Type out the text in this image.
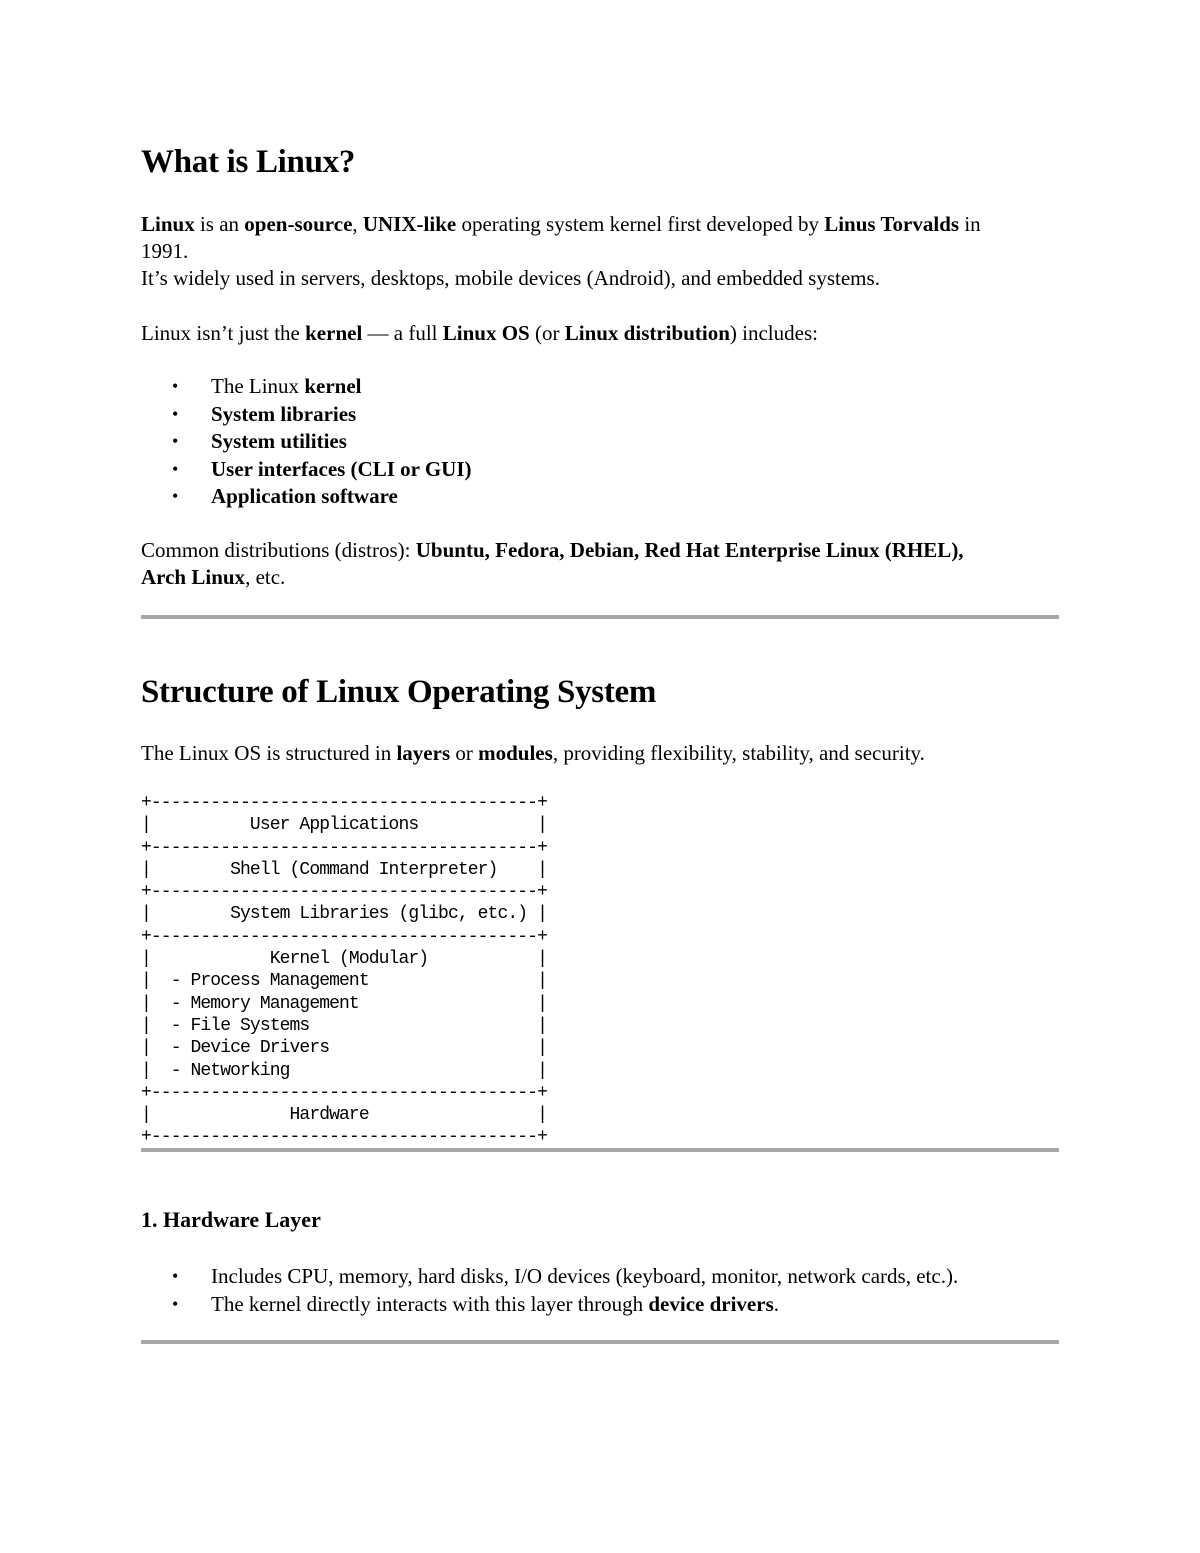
What is Linux?

Linux is an open-source, UNIX-like operating system kernel first developed by Linus Torvalds in 1991.
It’s widely used in servers, desktops, mobile devices (Android), and embedded systems.

Linux isn’t just the kernel — a full Linux OS (or Linux distribution) includes:

• The Linux kernel
• System libraries
• System utilities
• User interfaces (CLI or GUI)
• Application software

Common distributions (distros): Ubuntu, Fedora, Debian, Red Hat Enterprise Linux (RHEL), Arch Linux, etc.

Structure of Linux Operating System

The Linux OS is structured in layers or modules, providing flexibility, stability, and security.

+---------------------------------------+
|          User Applications            |
+---------------------------------------+
|        Shell (Command Interpreter)    |
+---------------------------------------+
|        System Libraries (glibc, etc.) |
+---------------------------------------+
|            Kernel (Modular)           |
|  - Process Management                 |
|  - Memory Management                  |
|  - File Systems                       |
|  - Device Drivers                     |
|  - Networking                         |
+---------------------------------------+
|              Hardware                 |
+---------------------------------------+
1. Hardware Layer
• Includes CPU, memory, hard disks, I/O devices (keyboard, monitor, network cards, etc.).
• The kernel directly interacts with this layer through device drivers.
